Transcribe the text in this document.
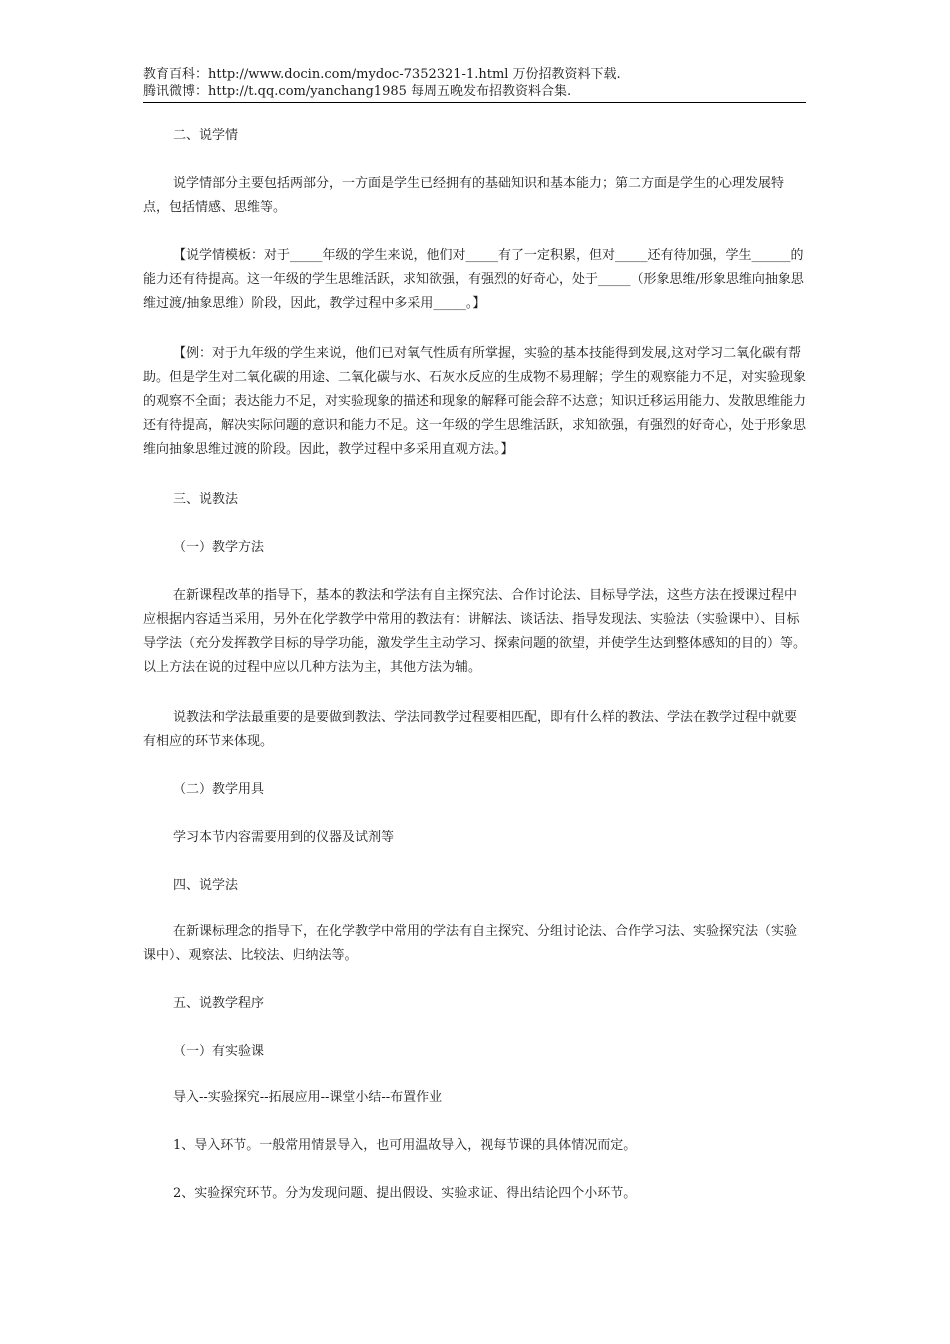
教育百科：http://www.docin.com/mydoc-7352321-1.html 万份招教资料下载.
腾讯微博：http://t.qq.com/yanchang1985 每周五晚发布招教资料合集.

二、说学情

说学情部分主要包括两部分，一方面是学生已经拥有的基础知识和基本能力；第二方面是学生的心理发展特点，包括情感、思维等。

【说学情模板：对于_____年级的学生来说，他们对_____有了一定积累，但对_____还有待加强，学生______的能力还有待提高。这一年级的学生思维活跃，求知欲强，有强烈的好奇心，处于_____（形象思维/形象思维向抽象思维过渡/抽象思维）阶段，因此，教学过程中多采用_____。】

【例：对于九年级的学生来说，他们已对氧气性质有所掌握，实验的基本技能得到发展,这对学习二氧化碳有帮助。但是学生对二氧化碳的用途、二氧化碳与水、石灰水反应的生成物不易理解；学生的观察能力不足，对实验现象的观察不全面；表达能力不足，对实验现象的描述和现象的解释可能会辞不达意；知识迁移运用能力、发散思维能力还有待提高，解决实际问题的意识和能力不足。这一年级的学生思维活跃，求知欲强，有强烈的好奇心，处于形象思维向抽象思维过渡的阶段。因此，教学过程中多采用直观方法。】

三、说教法

（一）教学方法

在新课程改革的指导下，基本的教法和学法有自主探究法、合作讨论法、目标导学法，这些方法在授课过程中应根据内容适当采用，另外在化学教学中常用的教法有：讲解法、谈话法、指导发现法、实验法（实验课中）、目标导学法（充分发挥教学目标的导学功能，激发学生主动学习、探索问题的欲望，并使学生达到整体感知的目的）等。以上方法在说的过程中应以几种方法为主，其他方法为辅。

说教法和学法最重要的是要做到教法、学法同教学过程要相匹配，即有什么样的教法、学法在教学过程中就要有相应的环节来体现。

（二）教学用具

学习本节内容需要用到的仪器及试剂等

四、说学法

在新课标理念的指导下，在化学教学中常用的学法有自主探究、分组讨论法、合作学习法、实验探究法（实验课中）、观察法、比较法、归纳法等。

五、说教学程序

（一）有实验课

导入--实验探究--拓展应用--课堂小结--布置作业

1、导入环节。一般常用情景导入，也可用温故导入，视每节课的具体情况而定。

2、实验探究环节。分为发现问题、提出假设、实验求证、得出结论四个小环节。
